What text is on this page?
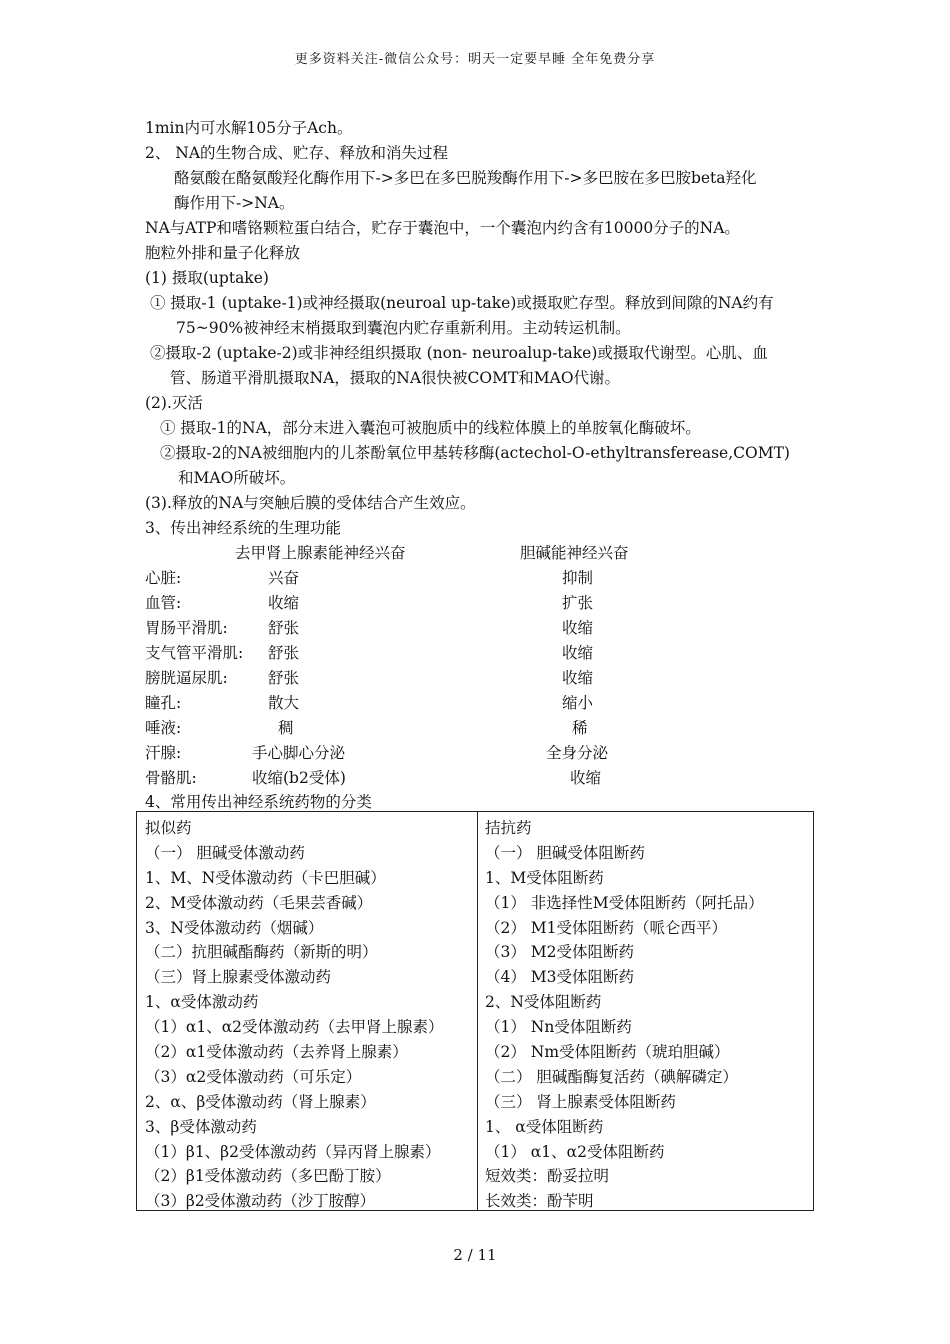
更多资料关注-微信公众号：明天一定要早睡 全年免费分享
1min内可水解105分子Ach。
2、 NA的生物合成、贮存、释放和消失过程
酪氨酸在酪氨酸羟化酶作用下->多巴在多巴脱羧酶作用下->多巴胺在多巴胺beta羟化
酶作用下->NA。
NA与ATP和嗜铬颗粒蛋白结合，贮存于囊泡中，一个囊泡内约含有10000分子的NA。
胞粒外排和量子化释放
(1) 摄取(uptake)
① 摄取-1 (uptake-1)或神经摄取(neuroal up-take)或摄取贮存型。释放到间隙的NA约有
75~90%被神经末梢摄取到囊泡内贮存重新利用。主动转运机制。
②摄取-2 (uptake-2)或非神经组织摄取 (non- neuroalup-take)或摄取代谢型。心肌、血
管、肠道平滑肌摄取NA，摄取的NA很快被COMT和MAO代谢。
(2).灭活
① 摄取-1的NA，部分末进入囊泡可被胞质中的线粒体膜上的单胺氧化酶破坏。
②摄取-2的NA被细胞内的儿茶酚氧位甲基转移酶(actechol-O-ethyltransferease,COMT)
和MAO所破坏。
(3).释放的NA与突触后膜的受体结合产生效应。
3、传出神经系统的生理功能
去甲肾上腺素能神经兴奋	胆碱能神经兴奋
心脏:	兴奋	抑制
血管:	收缩	扩张
胃肠平滑肌:	舒张	收缩
支气管平滑肌: 舒张	收缩
膀胱逼尿肌:	舒张	收缩
瞳孔:	散大	缩小
唾液:	稠	稀
汗腺:	手心脚心分泌	全身分泌
骨骼肌:	收缩(b2受体)	收缩
4、常用传出神经系统药物的分类
拟似药
（一） 胆碱受体激动药
1、M、N受体激动药（卡巴胆碱）
2、M受体激动药（毛果芸香碱）
3、N受体激动药（烟碱）
（二）抗胆碱酯酶药（新斯的明）
（三）肾上腺素受体激动药
1、α受体激动药
（1）α1、α2受体激动药（去甲肾上腺素）
（2）α1受体激动药（去养肾上腺素）
（3）α2受体激动药（可乐定）
2、α、β受体激动药（肾上腺素）
3、β受体激动药
（1）β1、β2受体激动药（异丙肾上腺素）
（2）β1受体激动药（多巴酚丁胺）
（3）β2受体激动药（沙丁胺醇）
拮抗药
（一） 胆碱受体阻断药
1、M受体阻断药
（1） 非选择性M受体阻断药（阿托品）
（2） M1受体阻断药（哌仑西平）
（3） M2受体阻断药
（4） M3受体阻断药
2、N受体阻断药
（1） Nn受体阻断药
（2） Nm受体阻断药（琥珀胆碱）
（二） 胆碱酯酶复活药（碘解磷定）
（三） 肾上腺素受体阻断药
1、 α受体阻断药
（1） α1、α2受体阻断药
短效类：酚妥拉明
长效类：酚苄明
2 / 11
